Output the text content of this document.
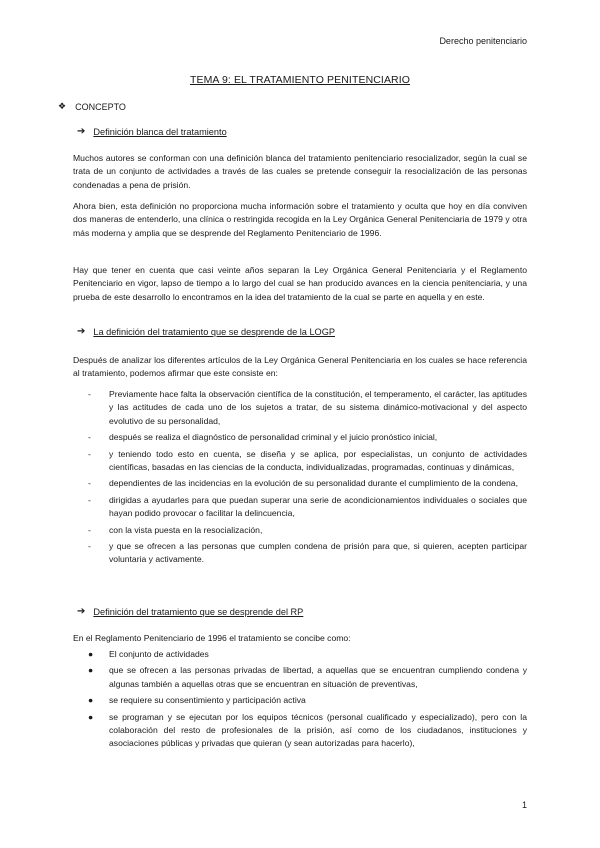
Derecho penitenciario
TEMA 9: EL TRATAMIENTO PENITENCIARIO
❖ CONCEPTO
➔ Definición blanca del tratamiento

Muchos autores se conforman con una definición blanca del tratamiento penitenciario resocializador, según la cual se trata de un conjunto de actividades a través de las cuales se pretende conseguir la resocialización de las personas condenadas a pena de prisión.

Ahora bien, esta definición no proporciona mucha información sobre el tratamiento y oculta que hoy en día conviven dos maneras de entenderlo, una clínica o restringida recogida en la Ley Orgánica General Penitenciaria de 1979 y otra más moderna y amplia que se desprende del Reglamento Penitenciario de 1996.

Hay que tener en cuenta que casi veinte años separan la Ley Orgánica General Penitenciaria y el Reglamento Penitenciario en vigor, lapso de tiempo a lo largo del cual se han producido avances en la ciencia penitenciaria, y una prueba de este desarrollo lo encontramos en la idea del tratamiento de la cual se parte en aquella y en este.

➔ La definición del tratamiento que se desprende de la LOGP

Después de analizar los diferentes artículos de la Ley Orgánica General Penitenciaria en los cuales se hace referencia al tratamiento, podemos afirmar que este consiste en:

- Previamente hace falta la observación científica de la constitución, el temperamento, el carácter, las aptitudes y las actitudes de cada uno de los sujetos a tratar, de su sistema dinámico-motivacional y del aspecto evolutivo de su personalidad,
- después se realiza el diagnóstico de personalidad criminal y el juicio pronóstico inicial,
- y teniendo todo esto en cuenta, se diseña y se aplica, por especialistas, un conjunto de actividades científicas, basadas en las ciencias de la conducta, individualizadas, programadas, continuas y dinámicas,
- dependientes de las incidencias en la evolución de su personalidad durante el cumplimiento de la condena,
- dirigidas a ayudarles para que puedan superar una serie de acondicionamientos individuales o sociales que hayan podido provocar o facilitar la delincuencia,
- con la vista puesta en la resocialización,
- y que se ofrecen a las personas que cumplen condena de prisión para que, si quieren, acepten participar voluntaria y activamente.
➔ Definición del tratamiento que se desprende del RP

En el Reglamento Penitenciario de 1996 el tratamiento se concibe como:

● El conjunto de actividades
● que se ofrecen a las personas privadas de libertad, a aquellas que se encuentran cumpliendo condena y algunas también a aquellas otras que se encuentran en situación de preventivas,
● se requiere su consentimiento y participación activa
● se programan y se ejecutan por los equipos técnicos (personal cualificado y especializado), pero con la colaboración del resto de profesionales de la prisión, así como de los ciudadanos, instituciones y asociaciones públicas y privadas que quieran (y sean autorizadas para hacerlo),
1
